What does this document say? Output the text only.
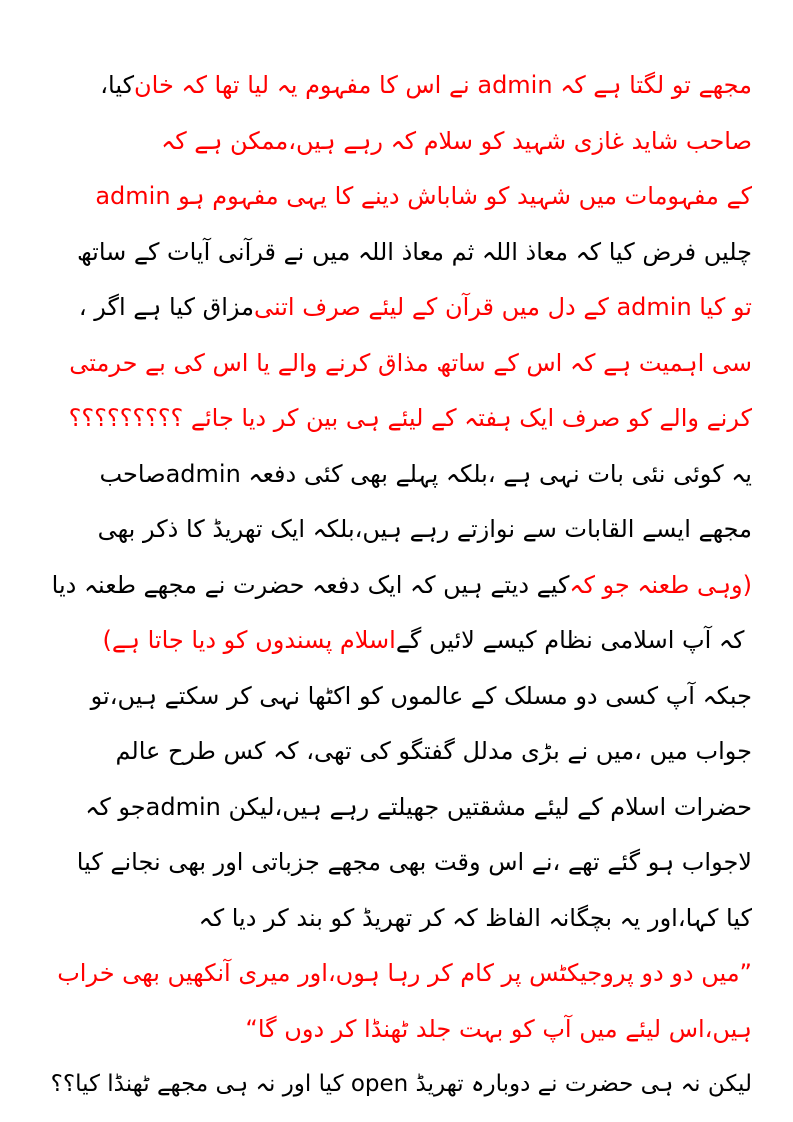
کیا، مجھے تو لگتا ہے کہ admin نے اس کا مفہوم یہ لیا تھا کہ خان
صاحب شاید غازی شہید کو سلام کہ رہے ہیں،ممکن ہے کہ
admin کے مفہومات میں شہید کو شاباش دینے کا یہی مفہوم ہو
چلیں فرض کیا کہ معاذ اللہ ثم معاذ اللہ میں نے قرآنی آیات کے ساتھ
مزاق کیا ہے اگر ،تو کیا admin کے دل میں قرآن کے لیئے صرف اتنی
سی اہمیت ہے کہ اس کے ساتھ مذاق کرنے والے یا اس کی بے حرمتی
کرنے والے کو صرف ایک ہفتہ کے لیئے ہی بین کر دیا جائے ؟؟؟؟؟؟؟؟؟
یہ کوئی نئی بات نہی ہے ،بلکہ پہلے بھی کئی دفعہ adminصاحب
مجھے ایسے القابات سے نوازتے رہے ہیں،بلکہ ایک تھریڈ کا ذکر بھی
کیے دیتے ہیں کہ ایک دفعہ حضرت نے مجھے طعنہ دیا (وہی طعنہ جو کہ
اسلام پسندوں کو دیا جاتا ہے) کہ آپ اسلامی نظام کیسے لائیں گے
جبکہ آپ کسی دو مسلک کے عالموں کو اکٹھا نہی کر سکتے ہیں،تو
جواب میں ،میں نے بڑی مدلل گفتگو کی تھی، کہ کس طرح عالم
حضرات اسلام کے لیئے مشقتیں جھیلتے رہے ہیں،لیکن adminجو کہ
لاجواب ہو گئے تھے ،نے اس وقت بھی مجھے جزباتی اور بھی نجانے کیا
کیا کہا،اور یہ بچگانہ الفاظ کہ کر تھریڈ کو بند کر دیا کہ
”میں دو دو پروجیکٹس پر کام کر رہا ہوں،اور میری آنکھیں بھی خراب
ہیں،اس لیئے میں آپ کو بہت جلد ٹھنڈا کر دوں گا“
لیکن نہ ہی حضرت نے دوبارہ تھریڈ open کیا اور نہ ہی مجھے ٹھنڈا کیا؟؟
